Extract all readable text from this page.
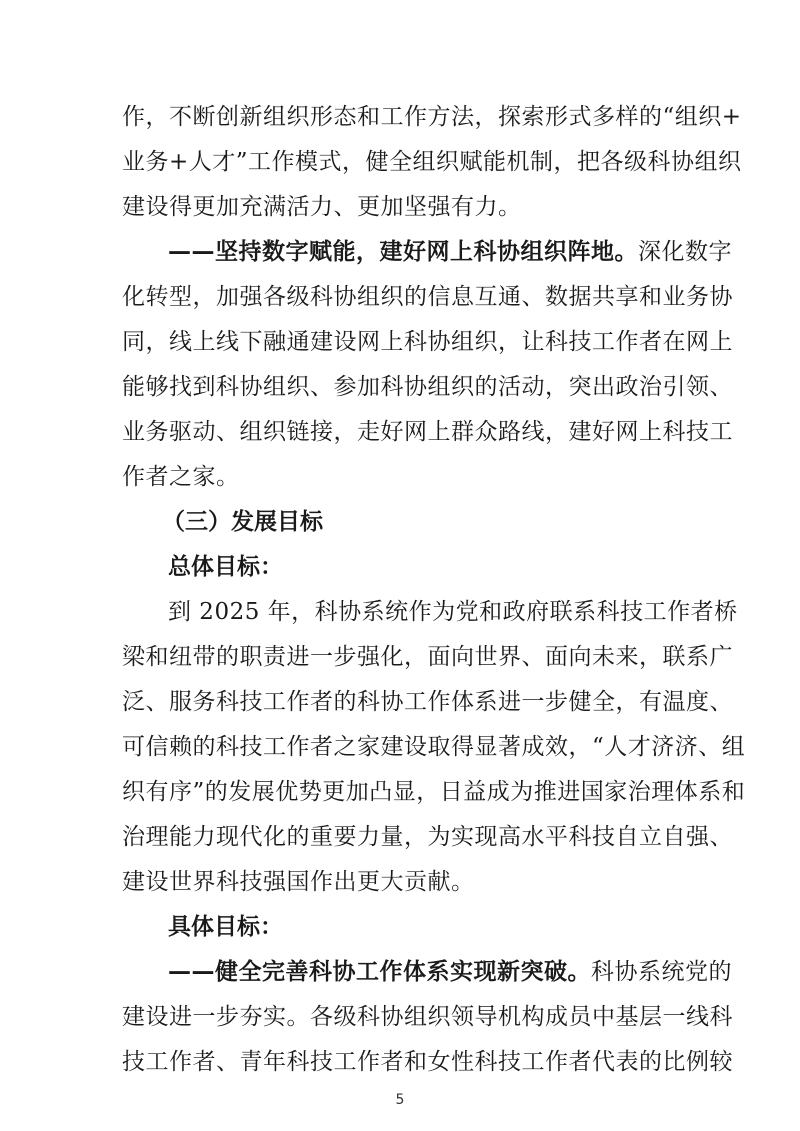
作，不断创新组织形态和工作方法，探索形式多样的“组织+
业务+人才”工作模式，健全组织赋能机制，把各级科协组织
建设得更加充满活力、更加坚强有力。
——坚持数字赋能，建好网上科协组织阵地。深化数字
化转型，加强各级科协组织的信息互通、数据共享和业务协
同，线上线下融通建设网上科协组织，让科技工作者在网上
能够找到科协组织、参加科协组织的活动，突出政治引领、
业务驱动、组织链接，走好网上群众路线，建好网上科技工
作者之家。
（三）发展目标
总体目标：
到 2025 年，科协系统作为党和政府联系科技工作者桥
梁和纽带的职责进一步强化，面向世界、面向未来，联系广
泛、服务科技工作者的科协工作体系进一步健全，有温度、
可信赖的科技工作者之家建设取得显著成效，“人才济济、组
织有序”的发展优势更加凸显，日益成为推进国家治理体系和
治理能力现代化的重要力量，为实现高水平科技自立自强、
建设世界科技强国作出更大贡献。
具体目标：
——健全完善科协工作体系实现新突破。科协系统党的
建设进一步夯实。各级科协组织领导机构成员中基层一线科
技工作者、青年科技工作者和女性科技工作者代表的比例较
5
